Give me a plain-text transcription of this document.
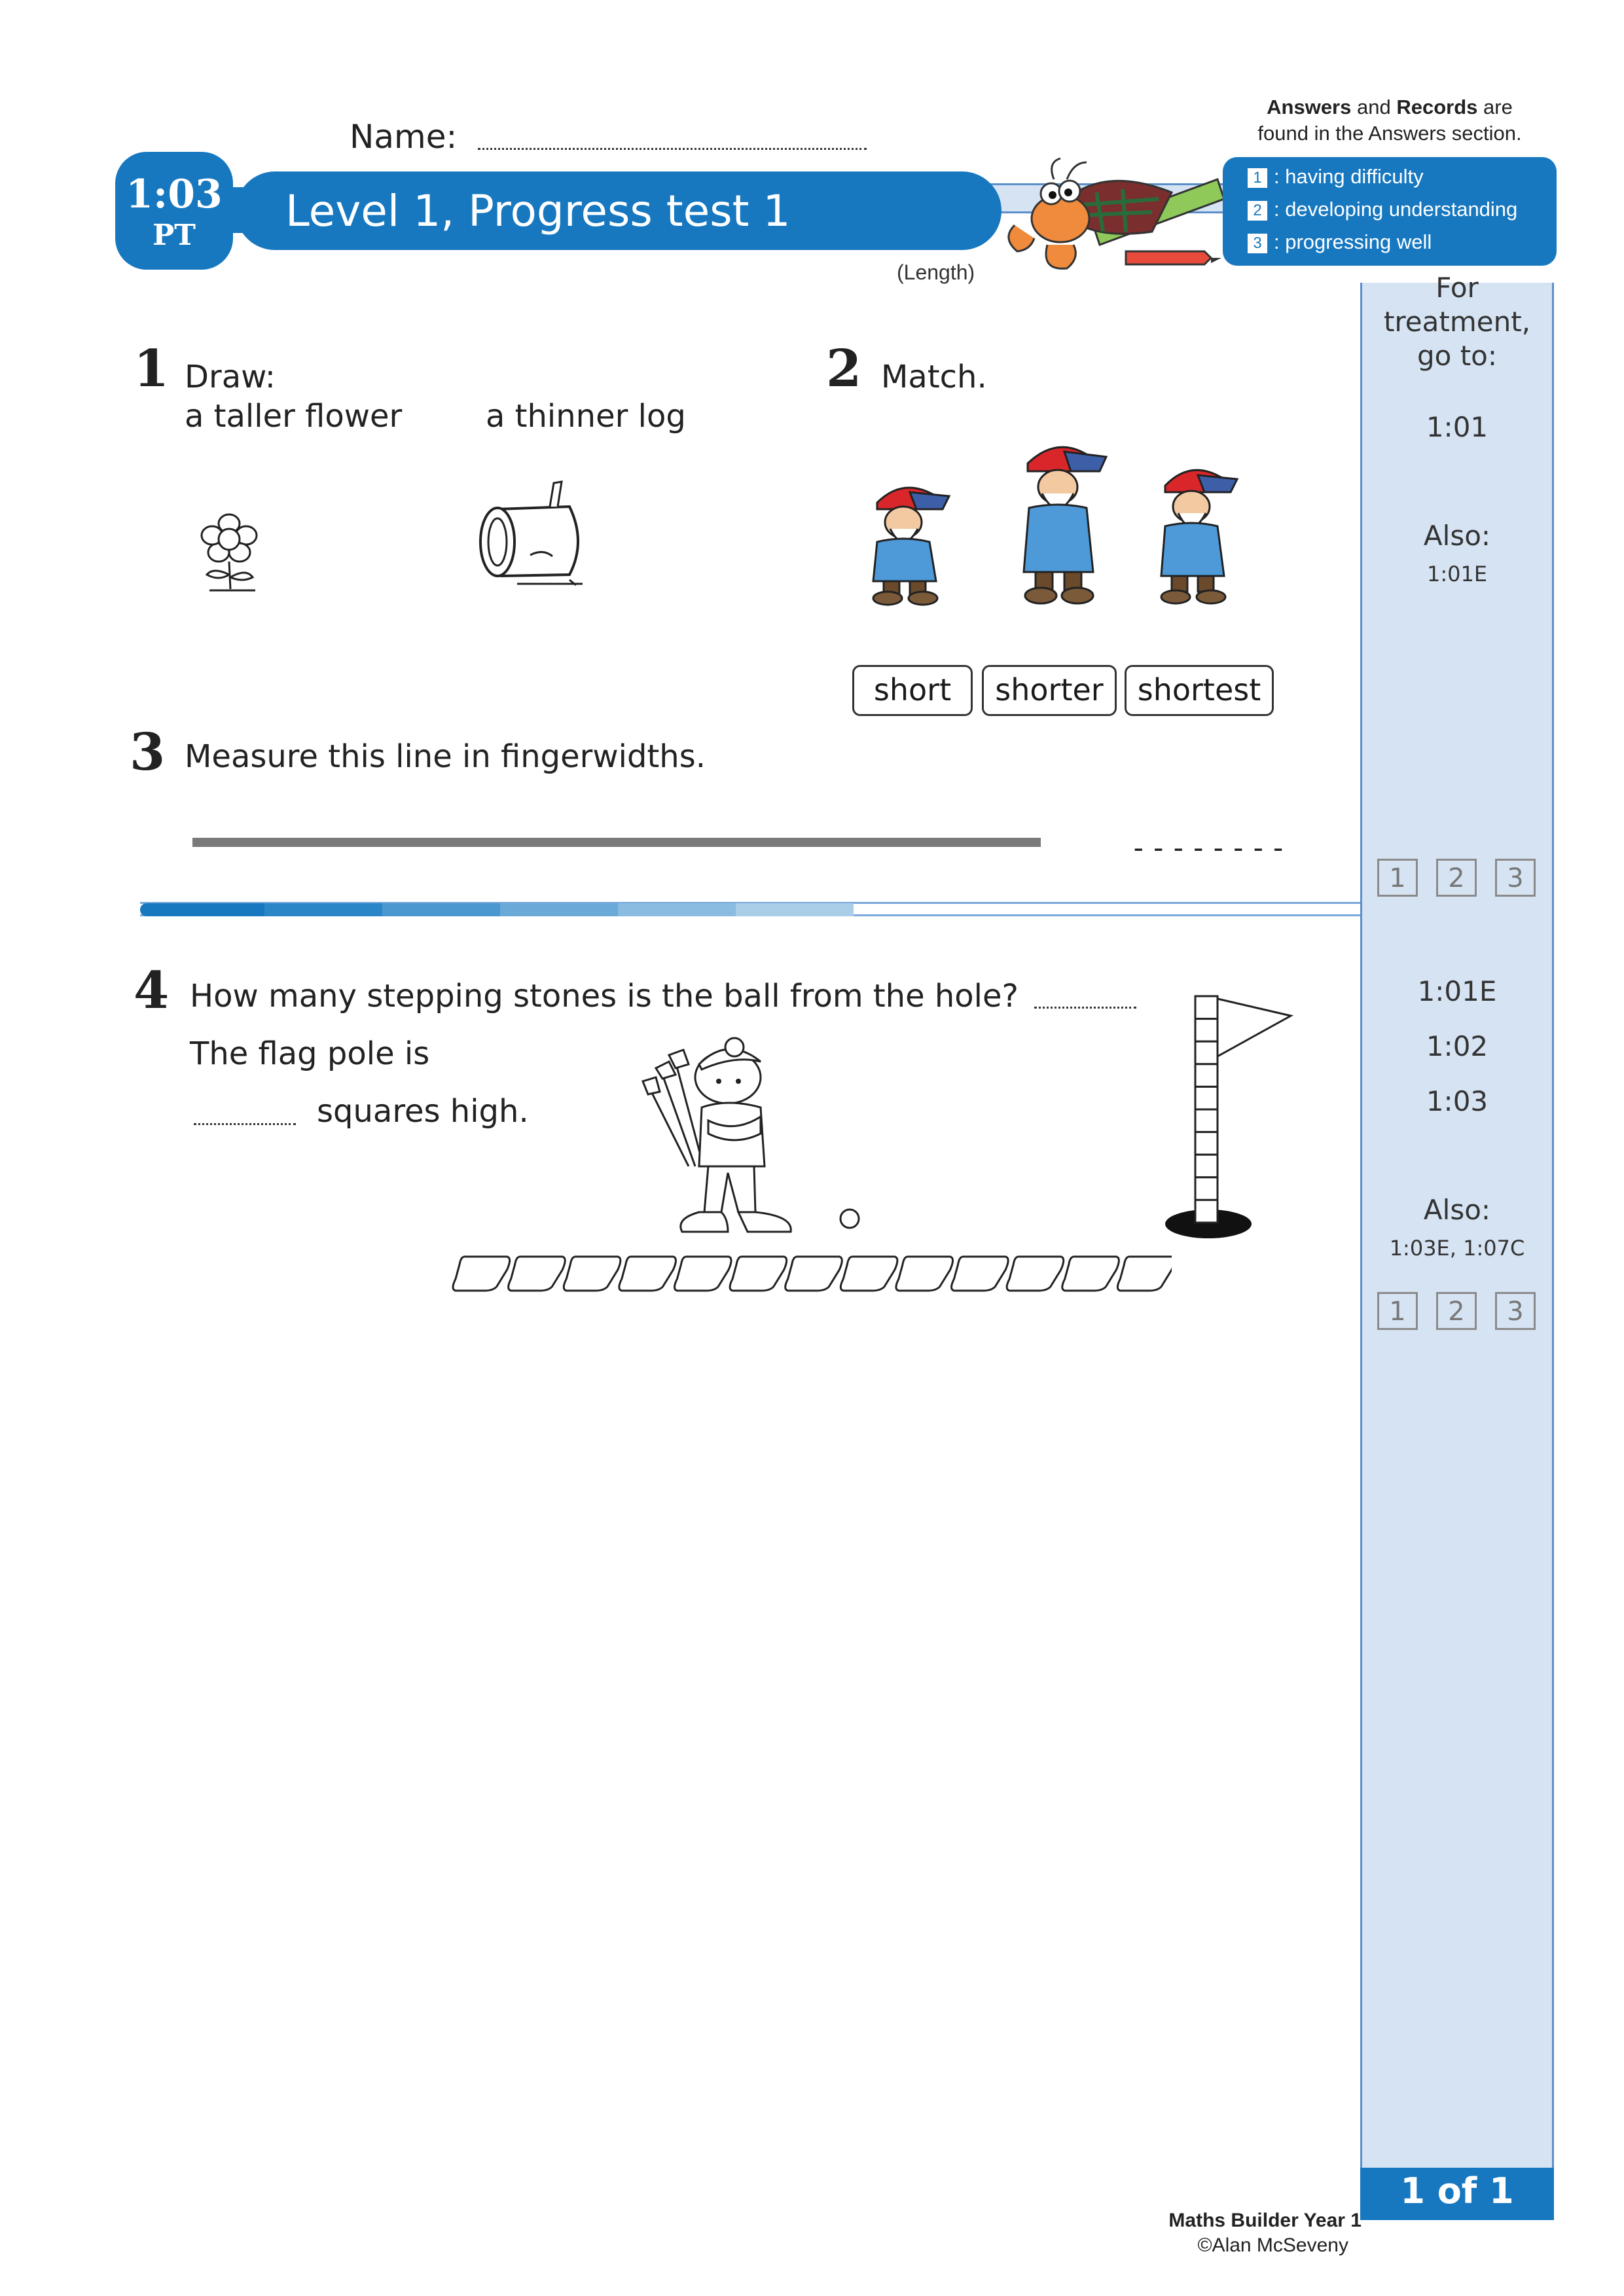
1:03
PT	Level 1, Progress test 1
Name:
(Length)
Answers and Records are
found in the Answers section.
1 : having difficulty
2 : developing understanding
3 : progressing well
For treatment,
go to:
1:01
Also:
1:01E
1	2	3
1:01E
1:02
1:03
Also:
1:03E, 1:07C
1	2	3
1 of 1
1 Draw:
a taller flower	a thinner log
2 Match.
short	shorter	shortest
3 Measure this line in fingerwidths.
--------
4 How many stepping stones is the ball from the hole?
The flag pole is
squares high.
Maths Builder Year 1
©Alan McSeveny
